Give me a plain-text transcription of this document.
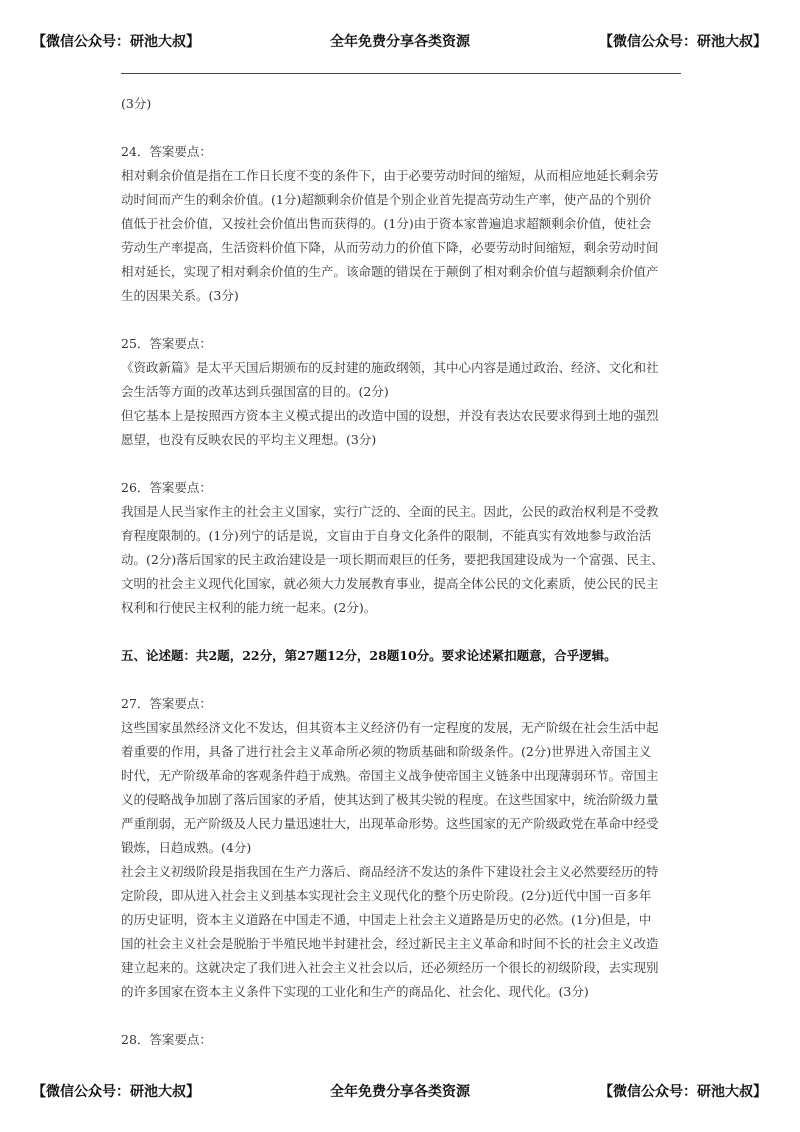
【微信公众号：研池大叔】	全年免费分享各类资源	【微信公众号：研池大叔】

(3分)

24．答案要点：

相对剩余价值是指在工作日长度不变的条件下，由于必要劳动时间的缩短，从而相应地延长剩余劳

动时间而产生的剩余价值。(1分)超额剩余价值是个别企业首先提高劳动生产率，使产品的个别价

值低于社会价值，又按社会价值出售而获得的。(1分)由于资本家普遍追求超额剩余价值，使社会

劳动生产率提高，生活资料价值下降，从而劳动力的价值下降，必要劳动时间缩短，剩余劳动时间

相对延长，实现了相对剩余价值的生产。该命题的错误在于颠倒了相对剩余价值与超额剩余价值产

生的因果关系。(3分)

25．答案要点：

《资政新篇》是太平天国后期颁布的反封建的施政纲领，其中心内容是通过政治、经济、文化和社

会生活等方面的改革达到兵强国富的目的。(2分)

但它基本上是按照西方资本主义模式提出的改造中国的设想，并没有表达农民要求得到土地的强烈

愿望，也没有反映农民的平均主义理想。(3分)

26．答案要点：

我国是人民当家作主的社会主义国家，实行广泛的、全面的民主。因此，公民的政治权利是不受教

育程度限制的。(1分)列宁的话是说，文盲由于自身文化条件的限制，不能真实有效地参与政治活

动。(2分)落后国家的民主政治建设是一项长期而艰巨的任务，要把我国建设成为一个富强、民主、

文明的社会主义现代化国家，就必须大力发展教育事业，提高全体公民的文化素质，使公民的民主

权利和行使民主权利的能力统一起来。(2分)。

五、论述题：共2题，22分，第27题12分，28题10分。要求论述紧扣题意，合乎逻辑。

27．答案要点：

这些国家虽然经济文化不发达，但其资本主义经济仍有一定程度的发展，无产阶级在社会生活中起

着重要的作用，具备了进行社会主义革命所必须的物质基础和阶级条件。(2分)世界进入帝国主义

时代，无产阶级革命的客观条件趋于成熟。帝国主义战争使帝国主义链条中出现薄弱环节。帝国主

义的侵略战争加剧了落后国家的矛盾，使其达到了极其尖锐的程度。在这些国家中，统治阶级力量

严重削弱，无产阶级及人民力量迅速壮大，出现革命形势。这些国家的无产阶级政党在革命中经受

锻炼，日趋成熟。(4分)

社会主义初级阶段是指我国在生产力落后、商品经济不发达的条件下建设社会主义必然要经历的特

定阶段，即从进入社会主义到基本实现社会主义现代化的整个历史阶段。(2分)近代中国一百多年

的历史证明，资本主义道路在中国走不通，中国走上社会主义道路是历史的必然。(1分)但是，中

国的社会主义社会是脱胎于半殖民地半封建社会，经过新民主主义革命和时间不长的社会主义改造

建立起来的。这就决定了我们进入社会主义社会以后，还必须经历一个很长的初级阶段，去实现别

的许多国家在资本主义条件下实现的工业化和生产的商品化、社会化、现代化。(3分)

28．答案要点：

【微信公众号：研池大叔】	全年免费分享各类资源	【微信公众号：研池大叔】
